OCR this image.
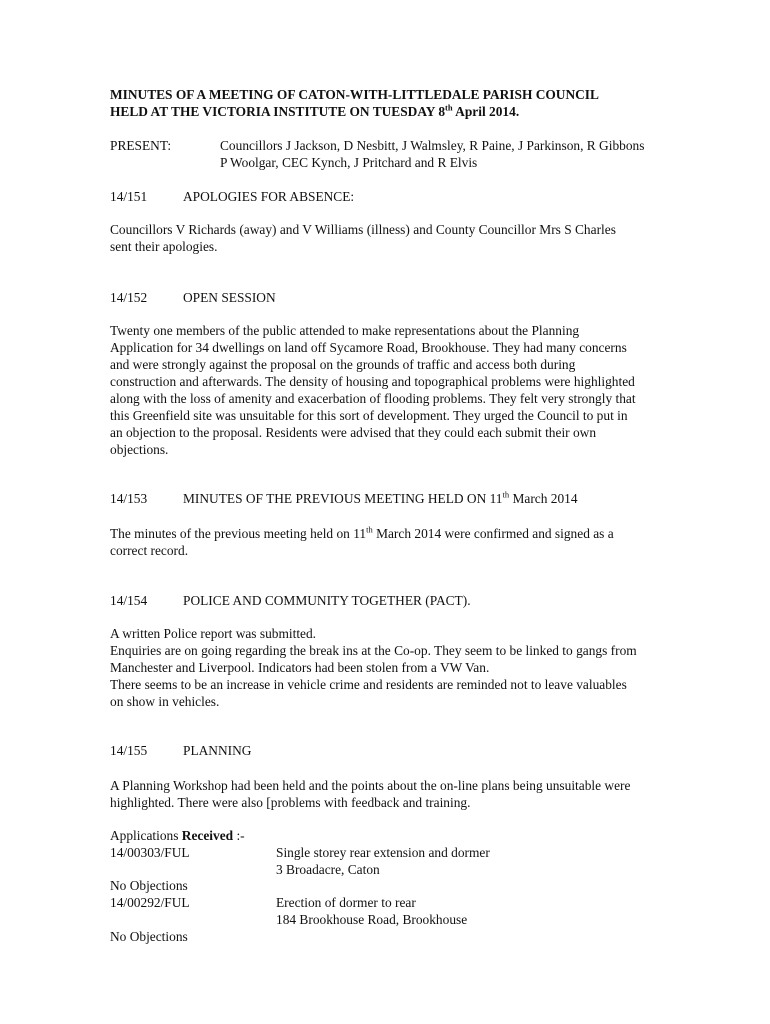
MINUTES OF A MEETING OF CATON-WITH-LITTLEDALE PARISH COUNCIL
HELD AT THE VICTORIA INSTITUTE ON TUESDAY 8th April 2014.
PRESENT:	Councillors J Jackson, D Nesbitt, J Walmsley, R Paine, J Parkinson, R Gibbons
P Woolgar, CEC Kynch, J Pritchard and R Elvis
14/151	APOLOGIES FOR ABSENCE:
Councillors V Richards (away) and V Williams (illness) and County Councillor Mrs S Charles
sent their apologies.
14/152	OPEN SESSION
Twenty one members of the public attended to make representations about the Planning
Application for 34 dwellings on land off Sycamore Road, Brookhouse. They had many concerns
and were strongly against the proposal on the grounds of traffic and access both during
construction and afterwards. The density of housing and topographical problems were highlighted
along with the loss of amenity and exacerbation of flooding problems. They felt very strongly that
this Greenfield site was unsuitable for this sort of development. They urged the Council to put in
an objection to the proposal. Residents were advised that they could each submit their own
objections.
14/153	MINUTES OF THE PREVIOUS MEETING HELD ON 11th March 2014
The minutes of the previous meeting held on 11th March 2014 were confirmed and signed as a
correct record.
14/154	POLICE AND COMMUNITY TOGETHER (PACT).
A written Police report was submitted.
Enquiries are on going regarding the break ins at the Co-op. They seem to be linked to gangs from
Manchester and Liverpool. Indicators had been stolen from a VW Van.
There seems to be an increase in vehicle crime and residents are reminded not to leave valuables
on show in vehicles.
14/155	PLANNING
A Planning Workshop had been held and the points about the on-line plans being unsuitable were
highlighted. There were also [problems with feedback and training.
Applications Received :-
14/00303/FUL	Single storey rear extension and dormer
3 Broadacre, Caton
No Objections
14/00292/FUL	Erection of dormer to rear
184 Brookhouse Road, Brookhouse
No Objections
